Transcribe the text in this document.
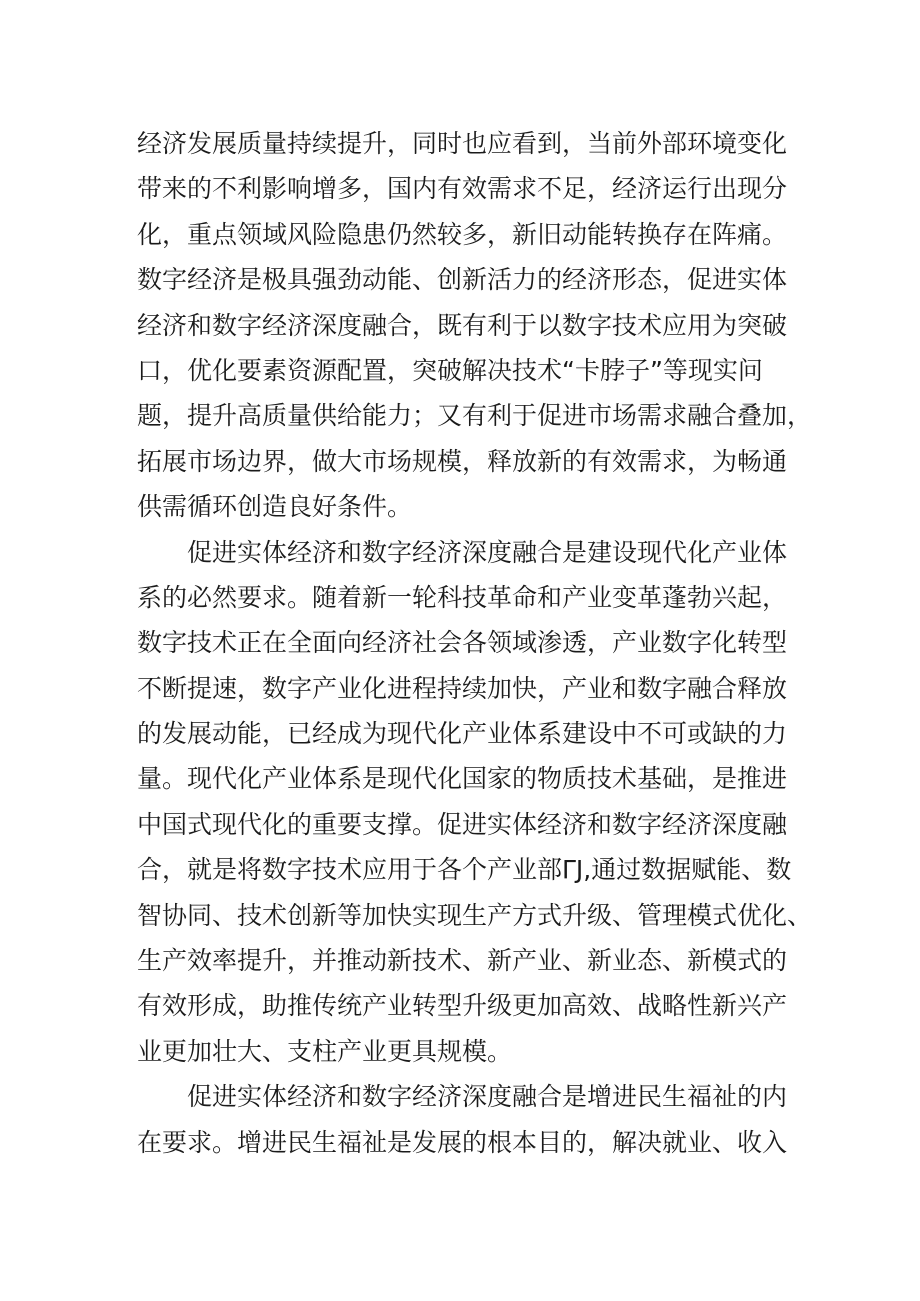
经济发展质量持续提升，同时也应看到，当前外部环境变化
带来的不利影响增多，国内有效需求不足，经济运行出现分
化，重点领域风险隐患仍然较多，新旧动能转换存在阵痛。
数字经济是极具强劲动能、创新活力的经济形态，促进实体
经济和数字经济深度融合，既有利于以数字技术应用为突破
口，优化要素资源配置，突破解决技术“卡脖子”等现实问
题，提升高质量供给能力；又有利于促进市场需求融合叠加，
拓展市场边界，做大市场规模，释放新的有效需求，为畅通
供需循环创造良好条件。
促进实体经济和数字经济深度融合是建设现代化产业体
系的必然要求。随着新一轮科技革命和产业变革蓬勃兴起，
数字技术正在全面向经济社会各领域渗透，产业数字化转型
不断提速，数字产业化进程持续加快，产业和数字融合释放
的发展动能，已经成为现代化产业体系建设中不可或缺的力
量。现代化产业体系是现代化国家的物质技术基础，是推进
中国式现代化的重要支撑。促进实体经济和数字经济深度融
合，就是将数字技术应用于各个产业部ΓJ,通过数据赋能、数
智协同、技术创新等加快实现生产方式升级、管理模式优化、
生产效率提升，并推动新技术、新产业、新业态、新模式的
有效形成，助推传统产业转型升级更加高效、战略性新兴产
业更加壮大、支柱产业更具规模。
促进实体经济和数字经济深度融合是增进民生福祉的内
在要求。增进民生福祉是发展的根本目的，解决就业、收入
